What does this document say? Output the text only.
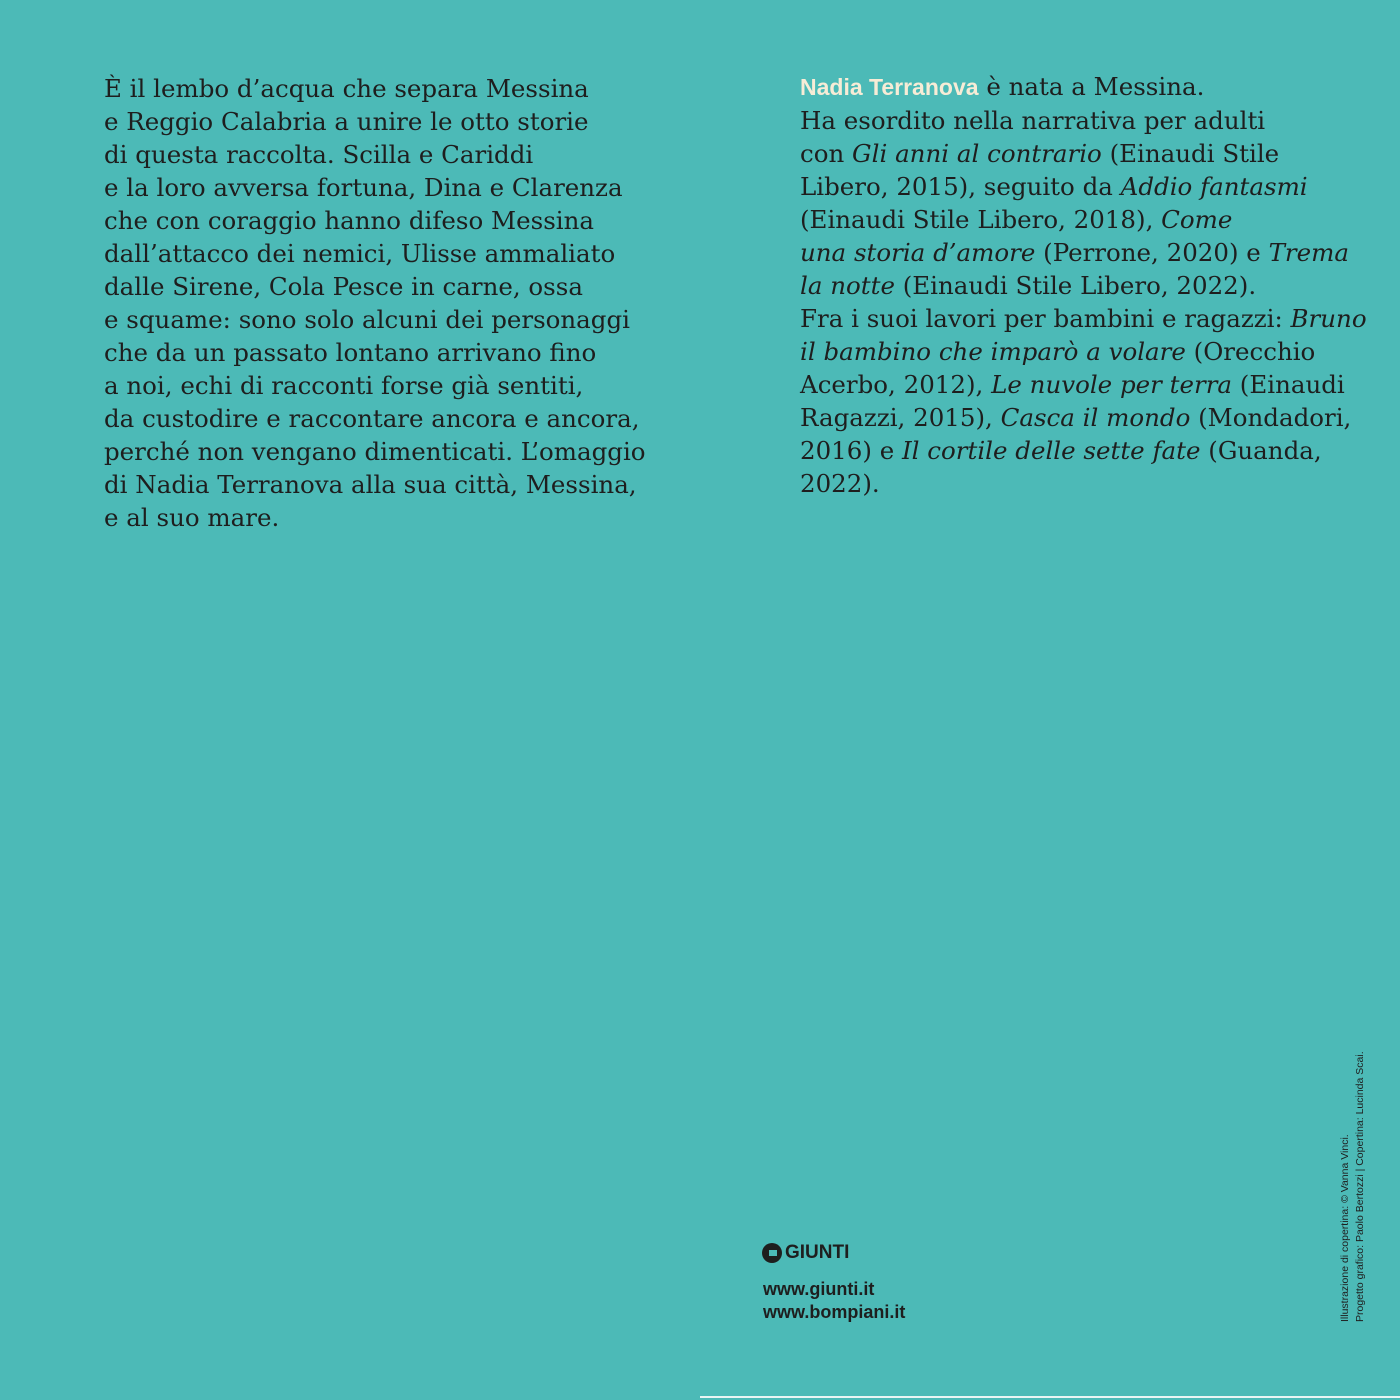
È il lembo d’acqua che separa Messina
e Reggio Calabria a unire le otto storie
di questa raccolta. Scilla e Cariddi
e la loro avversa fortuna, Dina e Clarenza
che con coraggio hanno difeso Messina
dall’attacco dei nemici, Ulisse ammaliato
dalle Sirene, Cola Pesce in carne, ossa
e squame: sono solo alcuni dei personaggi
che da un passato lontano arrivano fino
a noi, echi di racconti forse già sentiti,
da custodire e raccontare ancora e ancora,
perché non vengano dimenticati. L’omaggio
di Nadia Terranova alla sua città, Messina,
e al suo mare.
Nadia Terranova è nata a Messina.
Ha esordito nella narrativa per adulti
con Gli anni al contrario (Einaudi Stile
Libero, 2015), seguito da Addio fantasmi
(Einaudi Stile Libero, 2018), Come
una storia d’amore (Perrone, 2020) e Trema
la notte (Einaudi Stile Libero, 2022).
Fra i suoi lavori per bambini e ragazzi: Bruno
il bambino che imparò a volare (Orecchio
Acerbo, 2012), Le nuvole per terra (Einaudi
Ragazzi, 2015), Casca il mondo (Mondadori,
2016) e Il cortile delle sette fate (Guanda,
2022).
GIUNTI
www.giunti.it
www.bompiani.it	Illustrazione di copertina: © Vanna Vinci. Progetto grafico: Paolo Bertozzi | Copertina: Lucinda Scai.
